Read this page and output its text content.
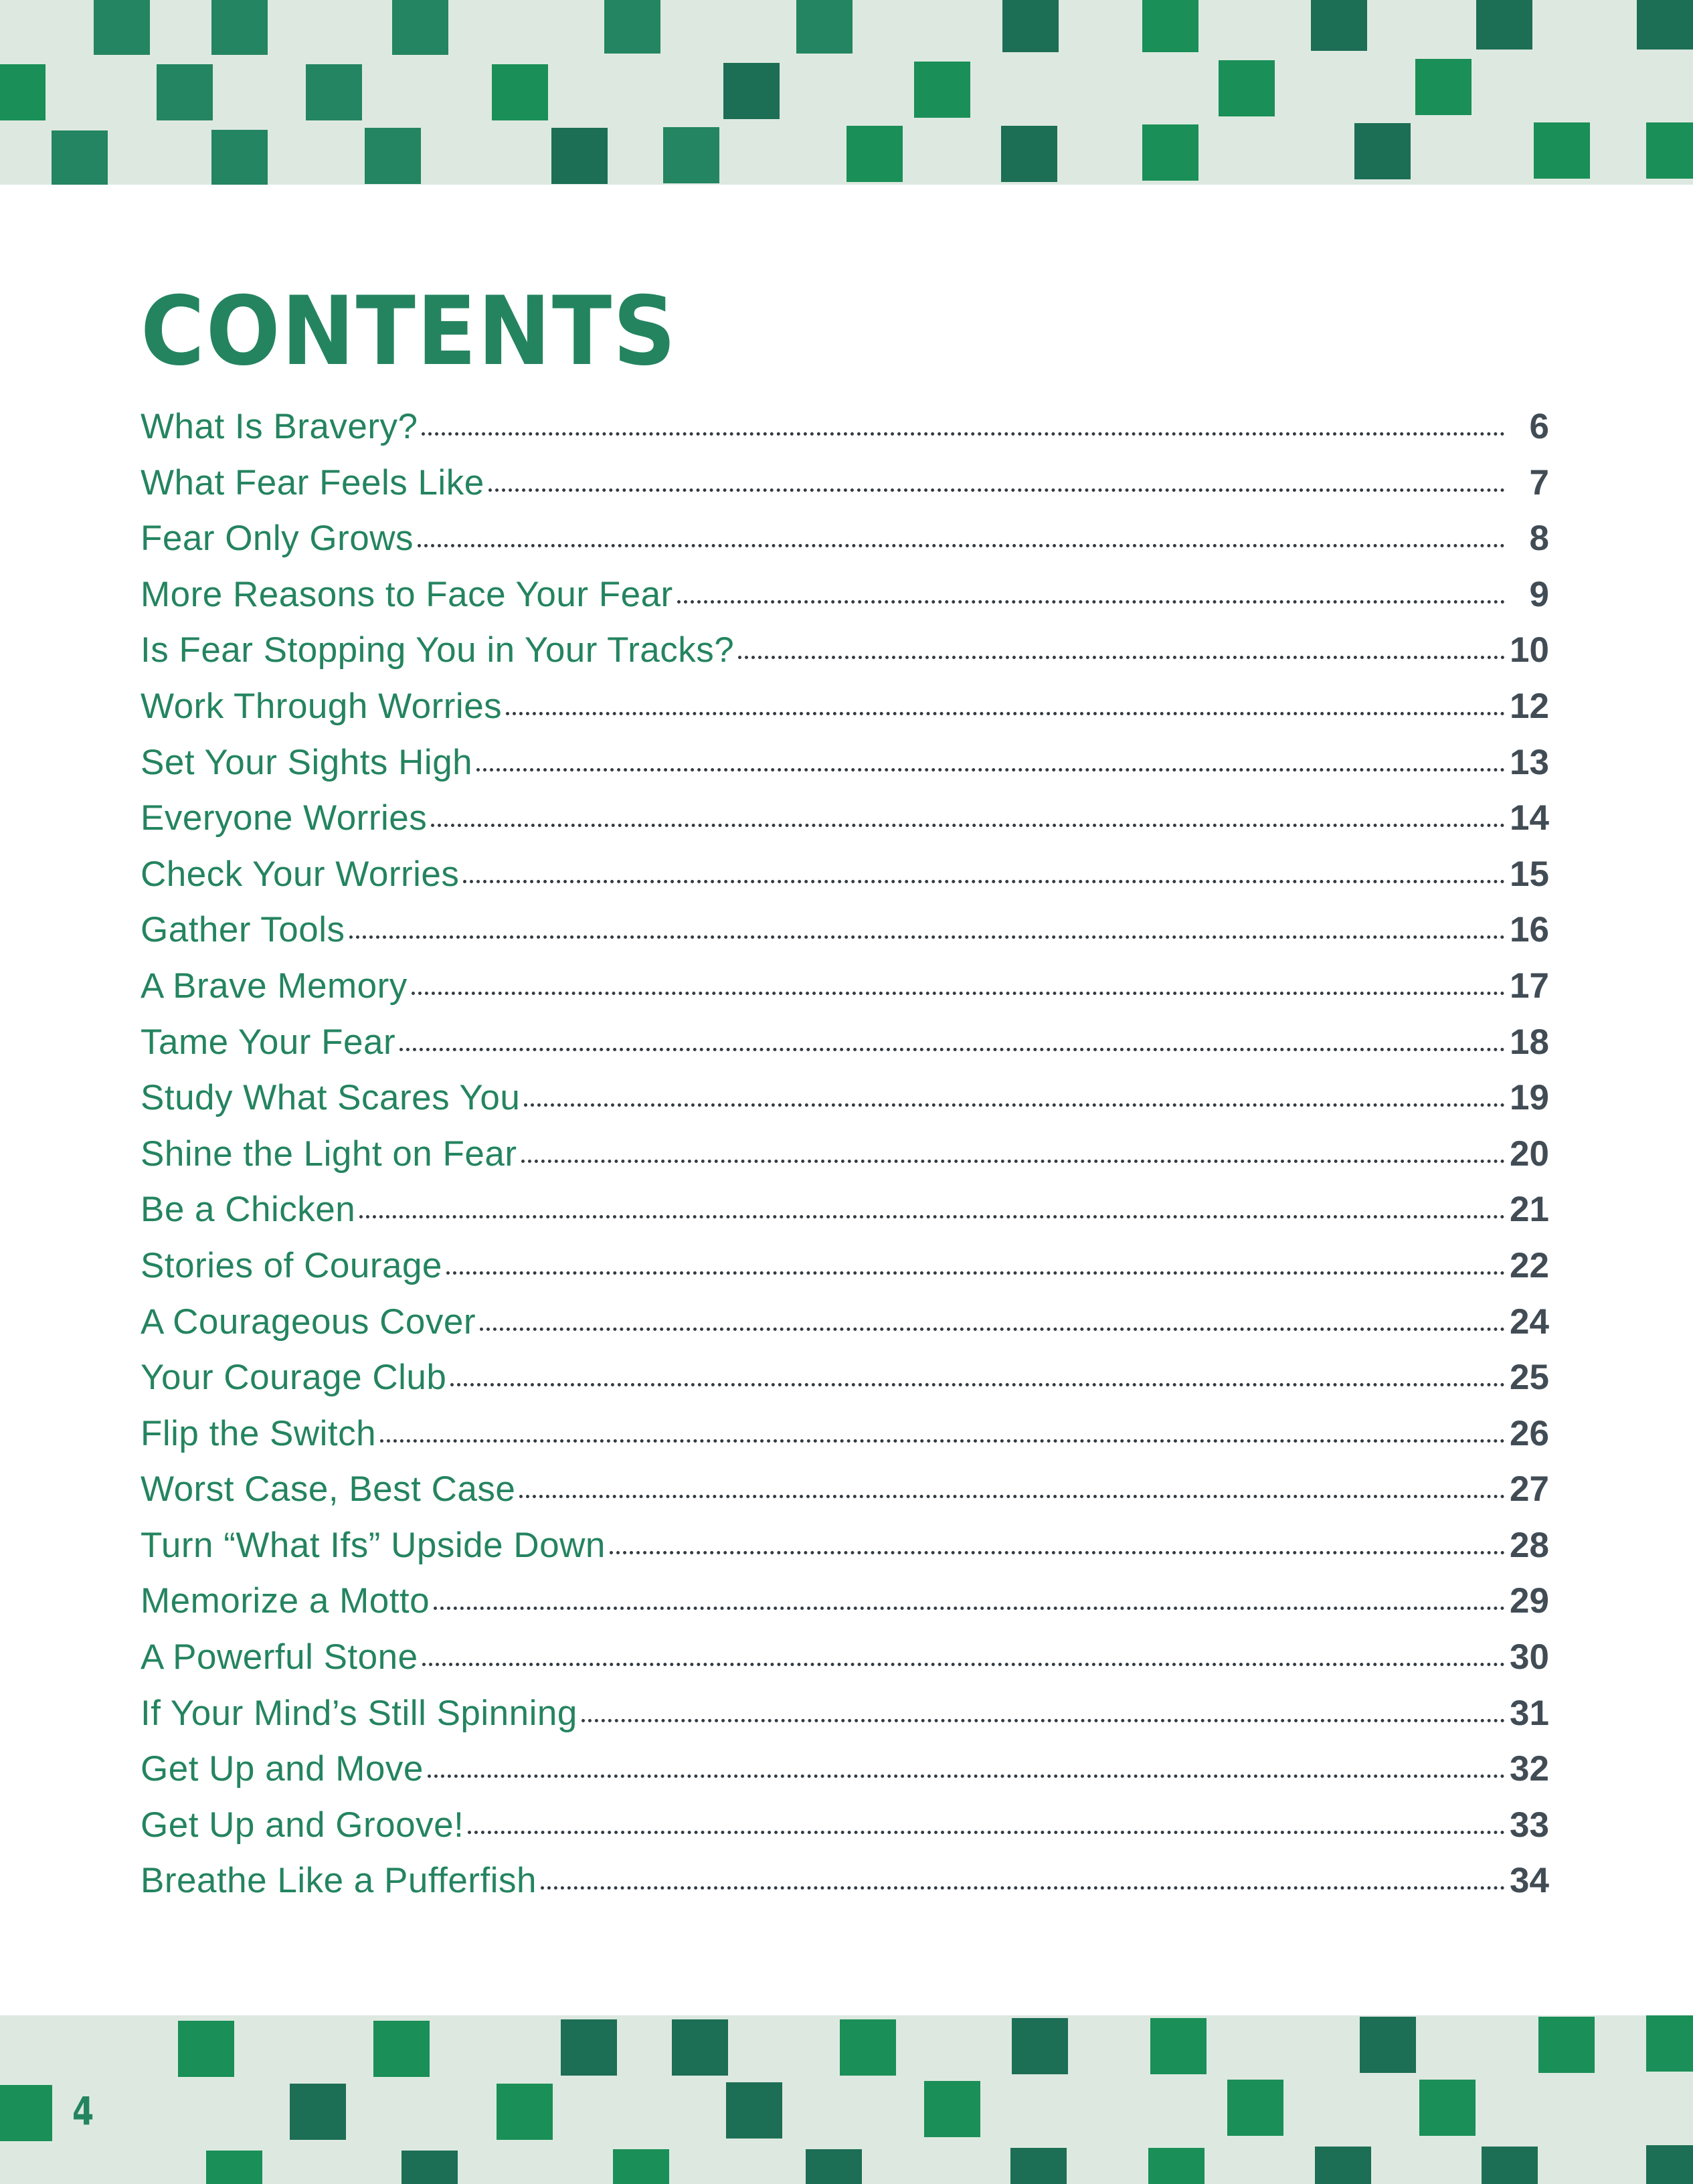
CONTENTS
What Is Bravery?	6
What Fear Feels Like	7
Fear Only Grows	8
More Reasons to Face Your Fear	9
Is Fear Stopping You in Your Tracks?	10
Work Through Worries	12
Set Your Sights High	13
Everyone Worries	14
Check Your Worries	15
Gather Tools	16
A Brave Memory	17
Tame Your Fear	18
Study What Scares You	19
Shine the Light on Fear	20
Be a Chicken	21
Stories of Courage	22
A Courageous Cover	24
Your Courage Club	25
Flip the Switch	26
Worst Case, Best Case	27
Turn “What Ifs” Upside Down	28
Memorize a Motto	29
A Powerful Stone	30
If Your Mind’s Still Spinning	31
Get Up and Move	32
Get Up and Groove!	33
Breathe Like a Pufferfish	34
4
